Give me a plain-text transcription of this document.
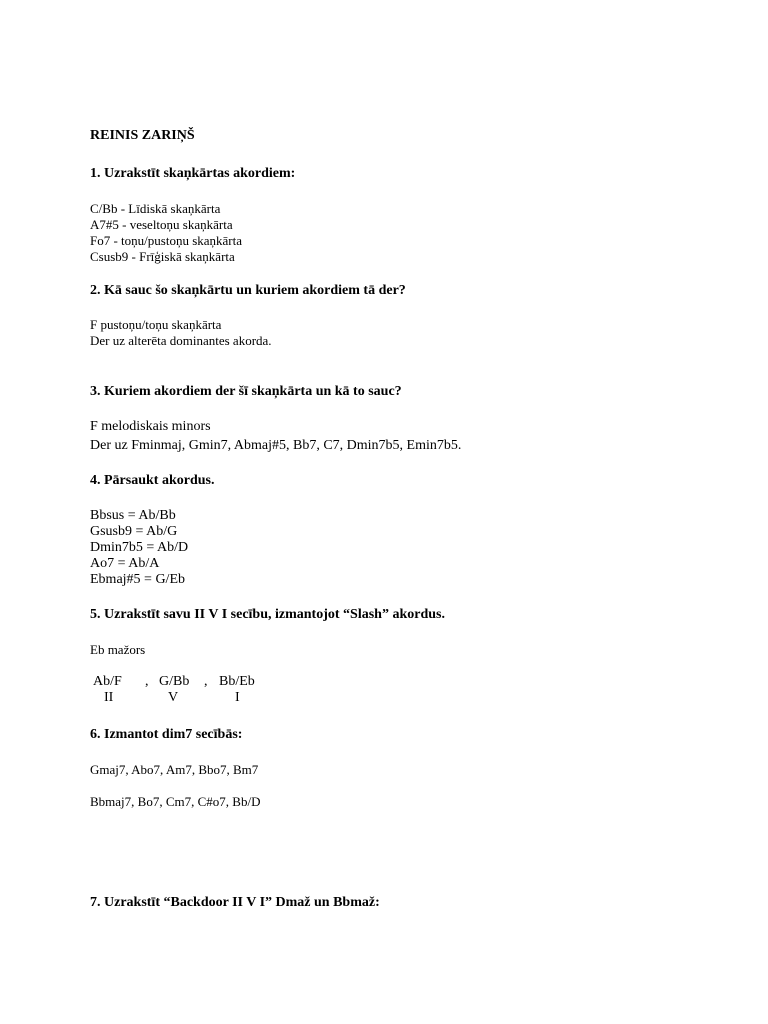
REINIS ZARIŅŠ
1. Uzrakstīt skaņkārtas akordiem:
C/Bb - Līdiskā skaņkārta
A7#5 - veseltoņu skaņkārta
Fo7 - toņu/pustoņu skaņkārta
Csusb9 - Frīģiskā skaņkārta
2. Kā sauc šo skaņkārtu un kuriem akordiem tā der?
F pustoņu/toņu skaņkārta
Der uz alterēta dominantes akorda.
3. Kuriem akordiem der šī skaņkārta un kā to sauc?
F melodiskais minors
Der uz Fminmaj, Gmin7, Abmaj#5, Bb7, C7, Dmin7b5, Emin7b5.
4. Pārsaukt akordus.
Bbsus = Ab/Bb
Gsusb9 = Ab/G
Dmin7b5 = Ab/D
Ao7 = Ab/A
Ebmaj#5 = G/Eb
5. Uzrakstīt savu II V I secību, izmantojot “Slash” akordus.
Eb mažors
Ab/F , G/Bb , Bb/Eb
II	V	I
6. Izmantot dim7 secībās:
Gmaj7, Abo7, Am7, Bbo7, Bm7
Bbmaj7, Bo7, Cm7, C#o7, Bb/D
7. Uzrakstīt “Backdoor II V I” Dmaž un Bbmaž:
